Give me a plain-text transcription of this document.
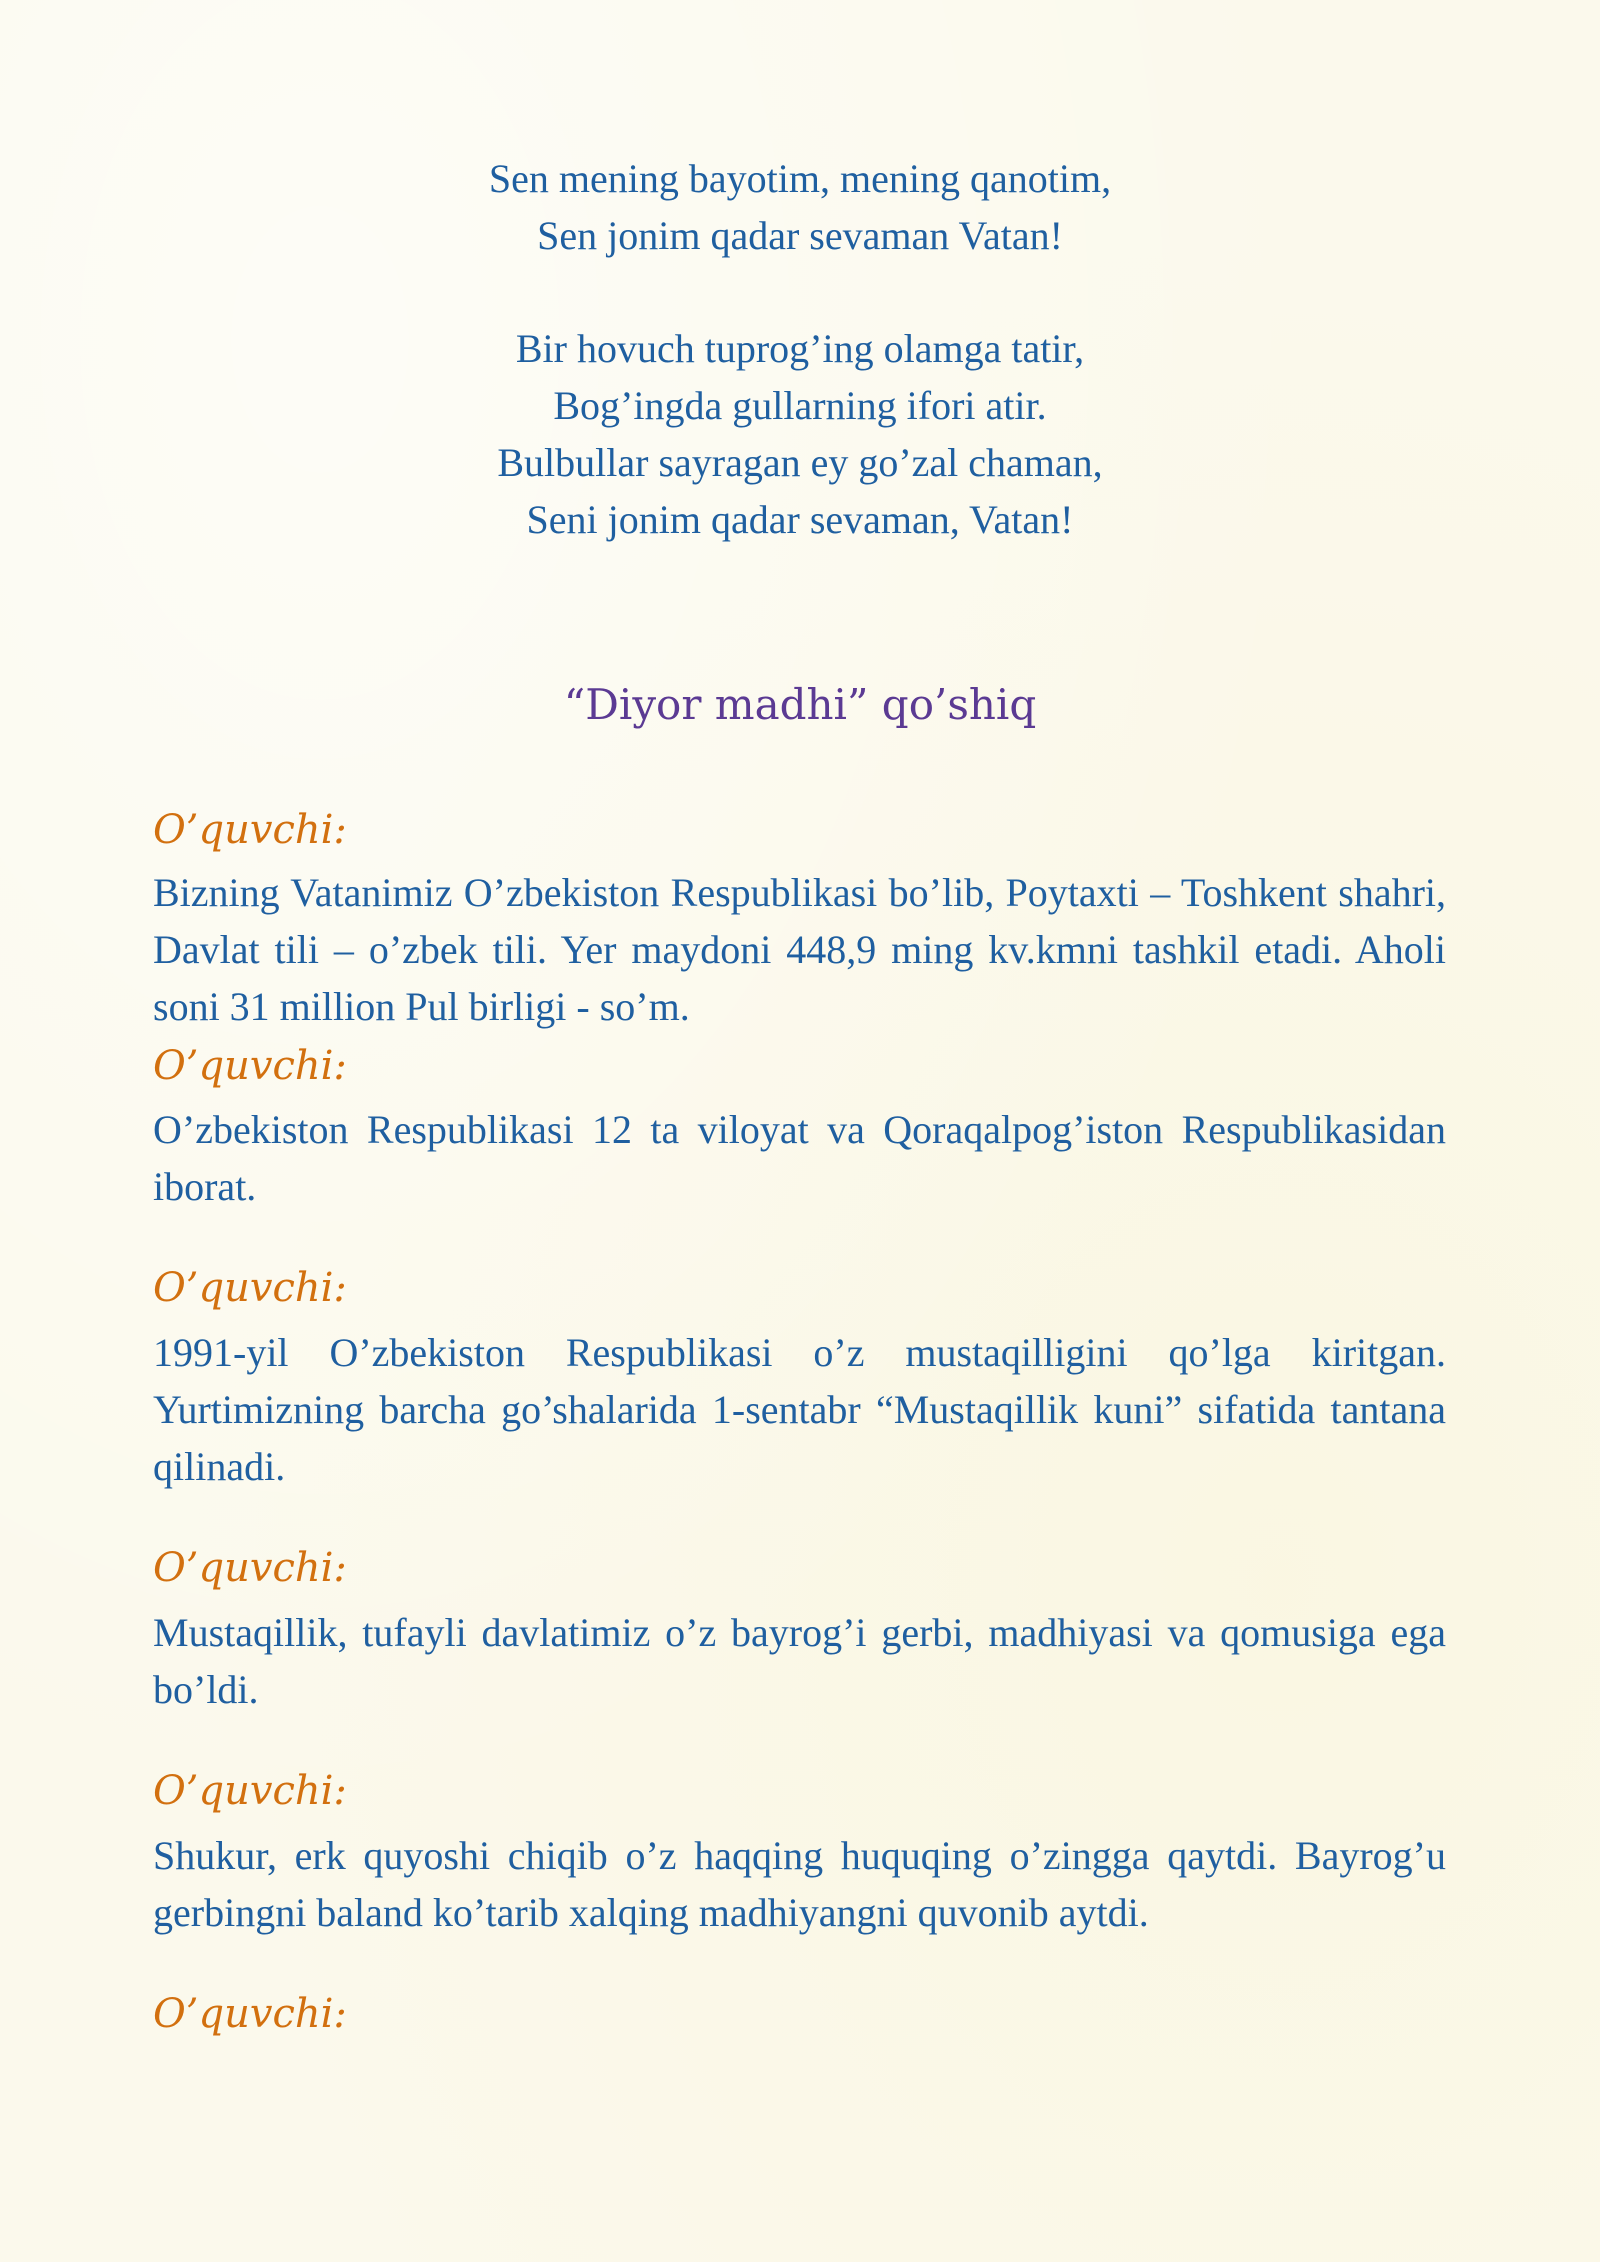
Sen mening bayotim, mening qanotim,
Sen jonim qadar sevaman Vatan!
Bir hovuch tuprog’ing olamga tatir,
Bog’ingda gullarning ifori atir.
Bulbullar sayragan ey go’zal chaman,
Seni jonim qadar sevaman, Vatan!
“Diyor madhi” qo’shiq
O’quvchi:
Bizning Vatanimiz O’zbekiston Respublikasi bo’lib, Poytaxti – Toshkent shahri, Davlat tili – o’zbek tili. Yer maydoni 448,9 ming kv.kmni tashkil etadi. Aholi soni 31 million Pul birligi - so’m.
O’quvchi:
O’zbekiston Respublikasi 12 ta viloyat va Qoraqalpog’iston Respublikasidan iborat.
O’quvchi:
1991-yil O’zbekiston Respublikasi o’z mustaqilligini qo’lga kiritgan. Yurtimizning barcha go’shalarida 1-sentabr “Mustaqillik kuni” sifatida tantana qilinadi.
O’quvchi:
Mustaqillik, tufayli davlatimiz o’z bayrog’i gerbi, madhiyasi va qomusiga ega bo’ldi.
O’quvchi:
Shukur, erk quyoshi chiqib o’z haqqing huquqing o’zingga qaytdi. Bayrog’u gerbingni baland ko’tarib xalqing madhiyangni quvonib aytdi.
O’quvchi:
